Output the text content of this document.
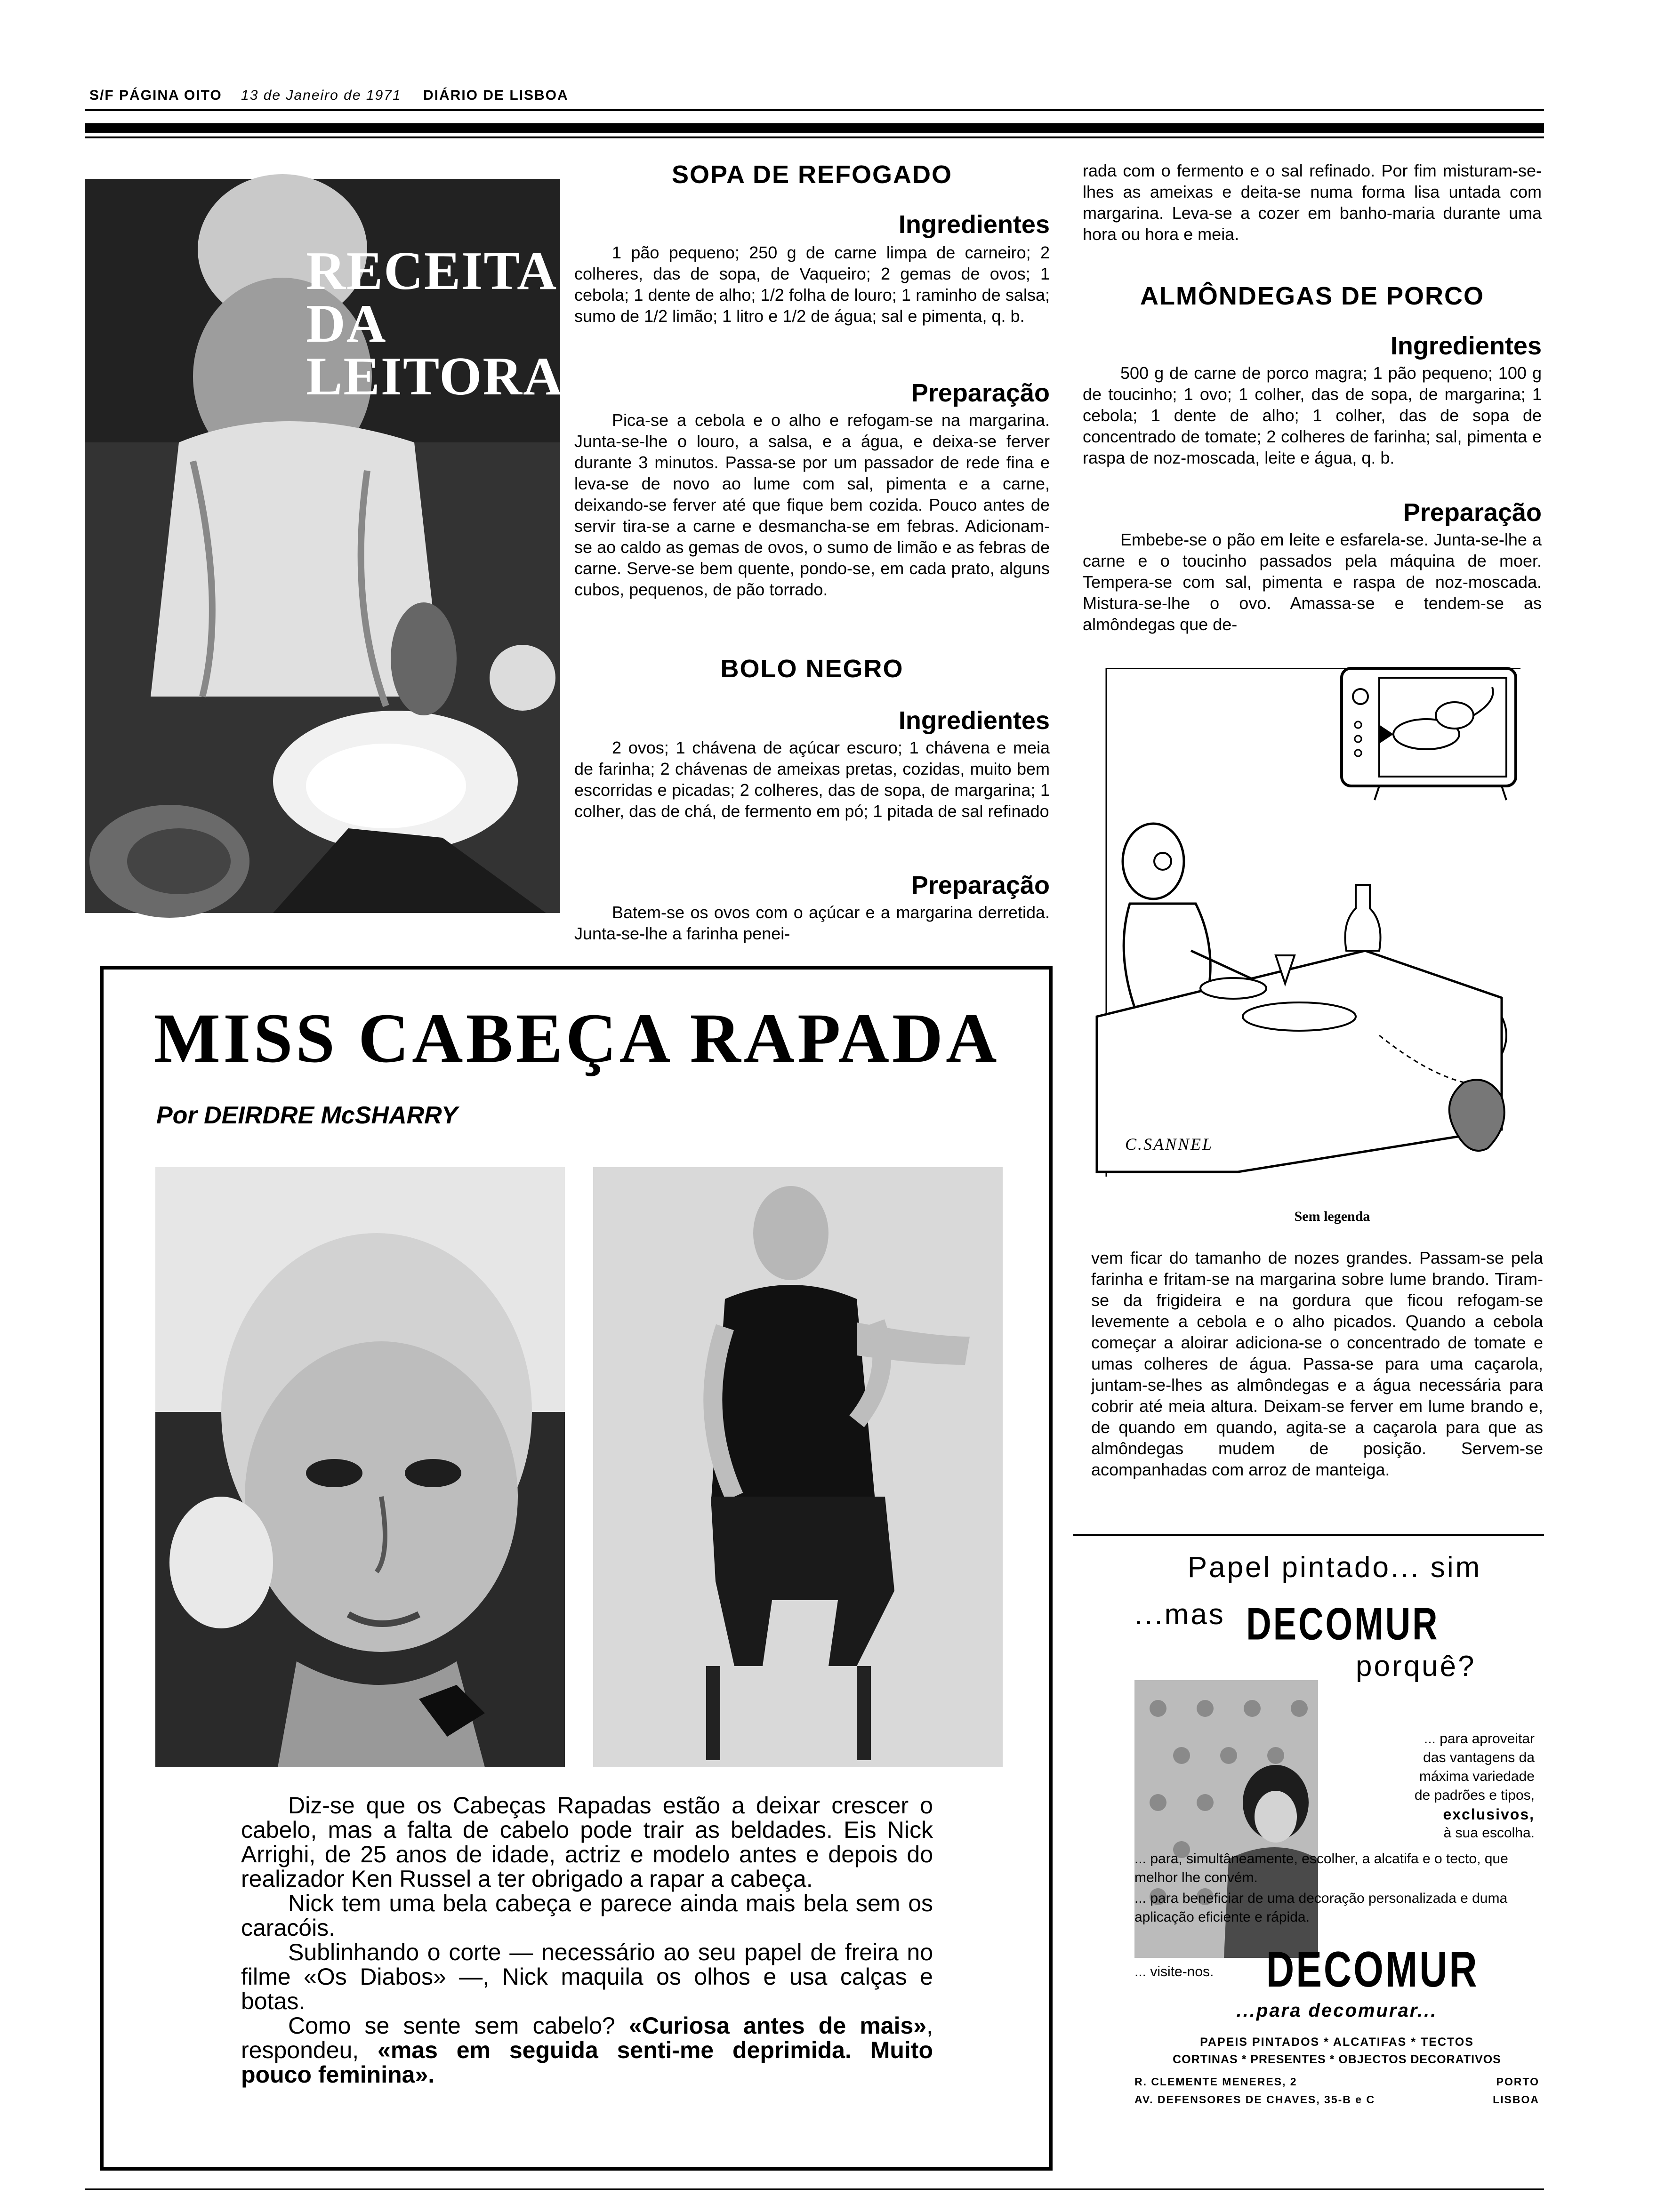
S/F PÁGINA OITO 13 de Janeiro de 1971 DIÁRIO DE LISBOA
RECEITAS
DA
LEITORA
SOPA DE REFOGADO
Ingredientes

1 pão pequeno; 250 g de carne limpa de carneiro; 2 colheres, das de sopa, de Vaqueiro; 2 gemas de ovos; 1 cebola; 1 dente de alho; 1/2 folha de louro; 1 raminho de salsa; sumo de 1/2 limão; 1 litro e 1/2 de água; sal e pimenta, q. b.

Preparação

Pica-se a cebola e o alho e refogam-se na margarina. Junta-se-lhe o louro, a salsa, e a água, e deixa-se ferver durante 3 minutos. Passa-se por um passador de rede fina e leva-se de novo ao lume com sal, pimenta e a carne, deixando-se ferver até que fique bem cozida. Pouco antes de servir tira-se a carne e desmancha-se em febras. Adicionam-se ao caldo as gemas de ovos, o sumo de limão e as febras de carne. Serve-se bem quente, pondo-se, em cada prato, alguns cubos, pequenos, de pão torrado.

BOLO NEGRO
Ingredientes

2 ovos; 1 chávena de açúcar escuro; 1 chávena e meia de farinha; 2 chávenas de ameixas pretas, cozidas, muito bem escorridas e picadas; 2 colheres, das de sopa, de margarina; 1 colher, das de chá, de fermento em pó; 1 pitada de sal refinado

Preparação

Batem-se os ovos com o açúcar e a margarina derretida. Junta-se-lhe a farinha penei-

rada com o fermento e o sal refinado. Por fim misturam-se-lhes as ameixas e deita-se numa forma lisa untada com margarina. Leva-se a cozer em banho-maria durante uma hora ou hora e meia.

ALMÔNDEGAS DE PORCO
Ingredientes

500 g de carne de porco magra; 1 pão pequeno; 100 g de toucinho; 1 ovo; 1 colher, das de sopa, de margarina; 1 cebola; 1 dente de alho; 1 colher, das de sopa de concentrado de tomate; 2 colheres de farinha; sal, pimenta e raspa de noz-moscada, leite e água, q. b.

Preparação

Embebe-se o pão em leite e esfarela-se. Junta-se-lhe a carne e o toucinho passados pela máquina de moer. Tempera-se com sal, pimenta e raspa de noz-moscada. Mistura-se-lhe o ovo. Amassa-se e tendem-se as almôndegas que de-

C.SANNEL
Sem legenda

vem ficar do tamanho de nozes grandes. Passam-se pela farinha e fritam-se na margarina sobre lume brando. Tiram-se da frigideira e na gordura que ficou refogam-se levemente a cebola e o alho picados. Quando a cebola começar a aloirar adiciona-se o concentrado de tomate e umas colheres de água. Passa-se para uma caçarola, juntam-se-lhes as almôndegas e a água necessária para cobrir até meia altura. Deixam-se ferver em lume brando e, de quando em quando, agita-se a caçarola para que as almôndegas mudem de posição. Servem-se acompanhadas com arroz de manteiga.

MISS CABEÇA RAPADA
Por DEIRDRE McSHARRY

Diz-se que os Cabeças Rapadas estão a deixar crescer o cabelo, mas a falta de cabelo pode trair as beldades. Eis Nick Arrighi, de 25 anos de idade, actriz e modelo antes e depois do realizador Ken Russel a ter obrigado a rapar a cabeça.

Nick tem uma bela cabeça e parece ainda mais bela sem os caracóis.

Sublinhando o corte — necessário ao seu papel de freira no filme «Os Diabos» —, Nick maquila os olhos e usa calças e botas.

Como se sente sem cabelo? «Curiosa antes de mais», respondeu, «mas em seguida senti-me deprimida. Muito pouco feminina».

Papel pintado... sim
...mas DECOMUR
porquê?
... para aproveitar
das vantagens da
máxima variedade
de padrões e tipos,
exclusivos,
à sua escolha.
... para, simultâneamente, escolher, a alcatifa e o tecto, que melhor lhe convém.
... para beneficiar de uma decoração personalizada e duma aplicação eficiente e rápida.
... visite-nos.	DECOMUR
...para decomurar...
PAPEIS PINTADOS * ALCATIFAS * TECTOS
CORTINAS * PRESENTES * OBJECTOS DECORATIVOS
R. CLEMENTE MENERES, 2	PORTO
AV. DEFENSORES DE CHAVES, 35-B e C	LISBOA
